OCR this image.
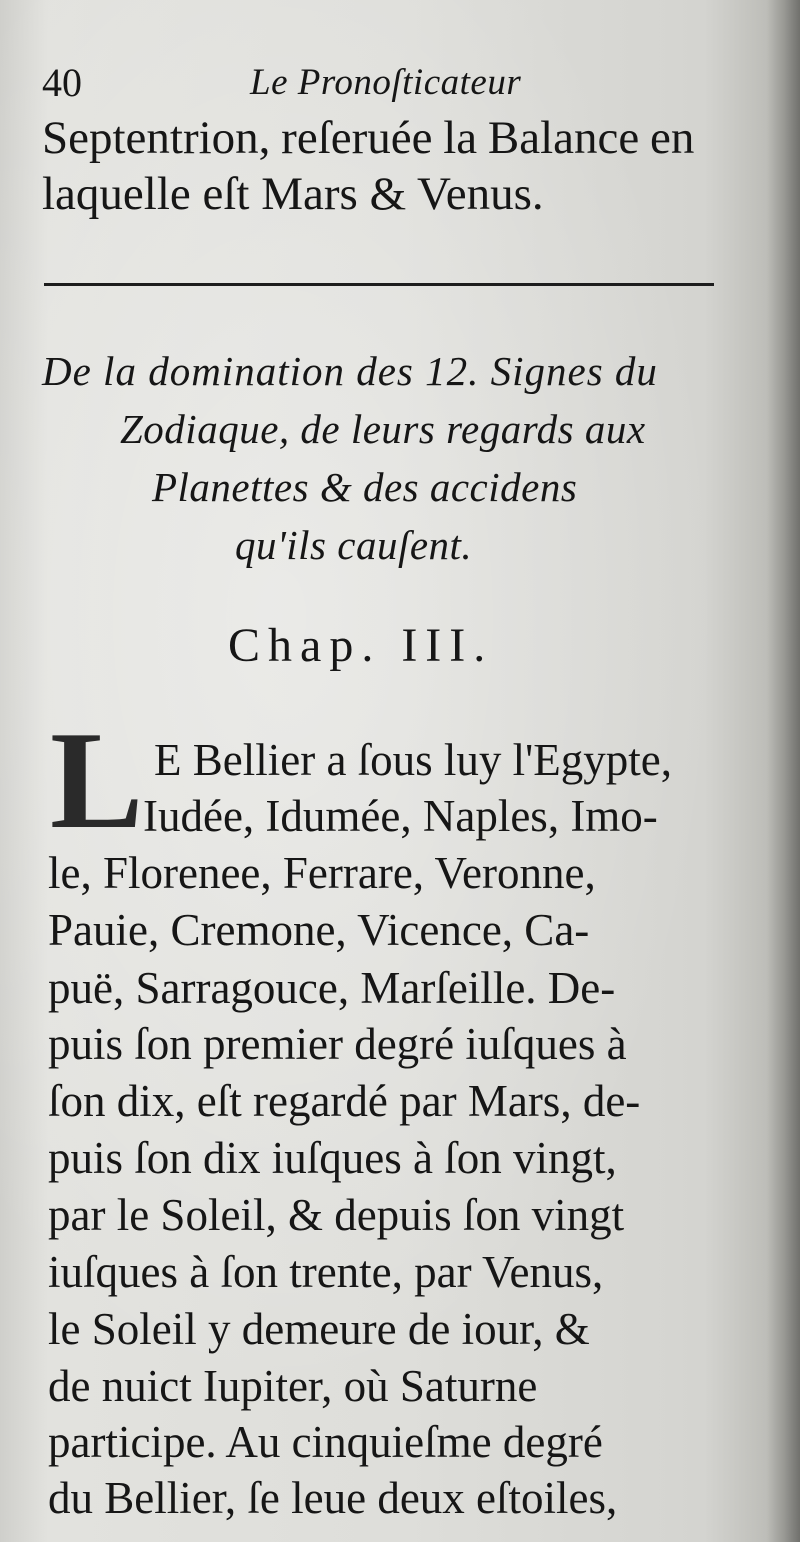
40	Le Pronoſticateur
Septentrion, reſeruée la Balance en
laquelle eſt Mars & Venus.
De la domination des 12. Signes du
Zodiaque, de leurs regards aux
Planettes & des accidens
qu'ils cauſent.
Chap. III.
L E Bellier a ſous luy l'Egypte,
Iudée, Idumée, Naples, Imo-
le, Florenee, Ferrare, Veronne,
Pauie, Cremone, Vicence, Ca-
puë, Sarragouce, Marſeille. De-
puis ſon premier degré iuſques à
ſon dix, eſt regardé par Mars, de-
puis ſon dix iuſques à ſon vingt,
par le Soleil, & depuis ſon vingt
iuſques à ſon trente, par Venus,
le Soleil y demeure de iour, &
de nuict Iupiter, où Saturne
participe. Au cinquieſme degré
du Bellier, ſe leue deux eſtoiles,
